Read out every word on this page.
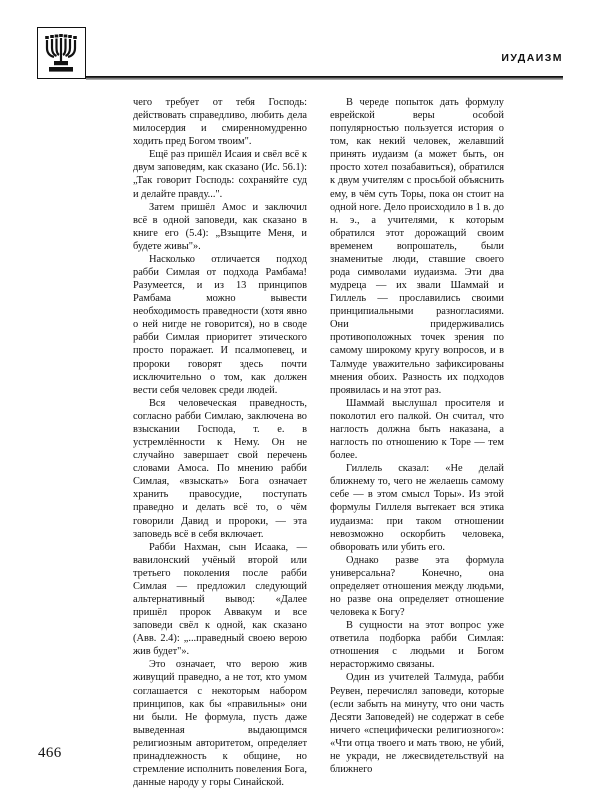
ИУДАИЗМ

чего требует от тебя Господь: действовать справедливо, любить дела милосердия и смиренномудренно ходить пред Богом твоим".

Ещё раз пришёл Исаия и свёл всё к двум заповедям, как сказано (Ис. 56.1): „Так говорит Господь: сохраняйте суд и делайте правду...".

Затем пришёл Амос и заключил всё в одной заповеди, как сказано в книге его (5.4): „Взыщите Меня, и будете живы"».

Насколько отличается подход рабби Симлая от подхода Рамбама! Разумеется, и из 13 принципов Рамбама можно вывести необходимость праведности (хотя явно о ней нигде не говорится), но в своде рабби Симлая приоритет этического просто поражает. И псалмопевец, и пророки говорят здесь почти исключительно о том, как должен вести себя человек среди людей.

Вся человеческая праведность, согласно рабби Симлаю, заключена во взыскании Господа, т. е. в устремлённости к Нему. Он не случайно завершает свой перечень словами Амоса. По мнению рабби Симлая, «взыскать» Бога означает хранить правосудие, поступать праведно и делать всё то, о чём говорили Давид и пророки, — эта заповедь всё в себя включает.

Рабби Нахман, сын Исаака, — вавилонский учёный второй или третьего поколения после рабби Симлая — предложил следующий альтернативный вывод: «Далее пришёл пророк Аввакум и все заповеди свёл к одной, как сказано (Авв. 2.4): „...праведный своею верою жив будет"».

Это означает, что верою жив живущий праведно, а не тот, кто умом соглашается с некоторым набором принципов, как бы «правильны» они ни были. Не формула, пусть даже выведенная выдающимся религиозным авторитетом, определяет принадлежность к общине, но стремление исполнить повеления Бога, данные народу у горы Синайской.

В череде попыток дать формулу еврейской веры особой популярностью пользуется история о том, как некий человек, желавший принять иудаизм (а может быть, он просто хотел позабавиться), обратился к двум учителям с просьбой объяснить ему, в чём суть Торы, пока он стоит на одной ноге. Дело происходило в 1 в. до н. э., а учителями, к которым обратился этот дорожащий своим временем вопрошатель, были знаменитые люди, ставшие своего рода символами иудаизма. Эти два мудреца — их звали Шаммай и Гиллель — прославились своими принципиальными разногласиями. Они придерживались противоположных точек зрения по самому широкому кругу вопросов, и в Талмуде уважительно зафиксированы мнения обоих. Разность их подходов проявилась и на этот раз.

Шаммай выслушал просителя и поколотил его палкой. Он считал, что наглость должна быть наказана, а наглость по отношению к Торе — тем более.

Гиллель сказал: «Не делай ближнему то, чего не желаешь самому себе — в этом смысл Торы». Из этой формулы Гиллеля вытекает вся этика иудаизма: при таком отношении невозможно оскорбить человека, обворовать или убить его.

Однако разве эта формула универсальна? Конечно, она определяет отношения между людьми, но разве она определяет отношение человека к Богу?

В сущности на этот вопрос уже ответила подборка рабби Симлая: отношения с людьми и Богом нерасторжимо связаны.

Один из учителей Талмуда, рабби Реувен, перечислял заповеди, которые (если забыть на минуту, что они часть Десяти Заповедей) не содержат в себе ничего «специфически религиозного»: «Чти отца твоего и мать твою, не убий, не укради, не лжесвидетельствуй на ближнего

466
